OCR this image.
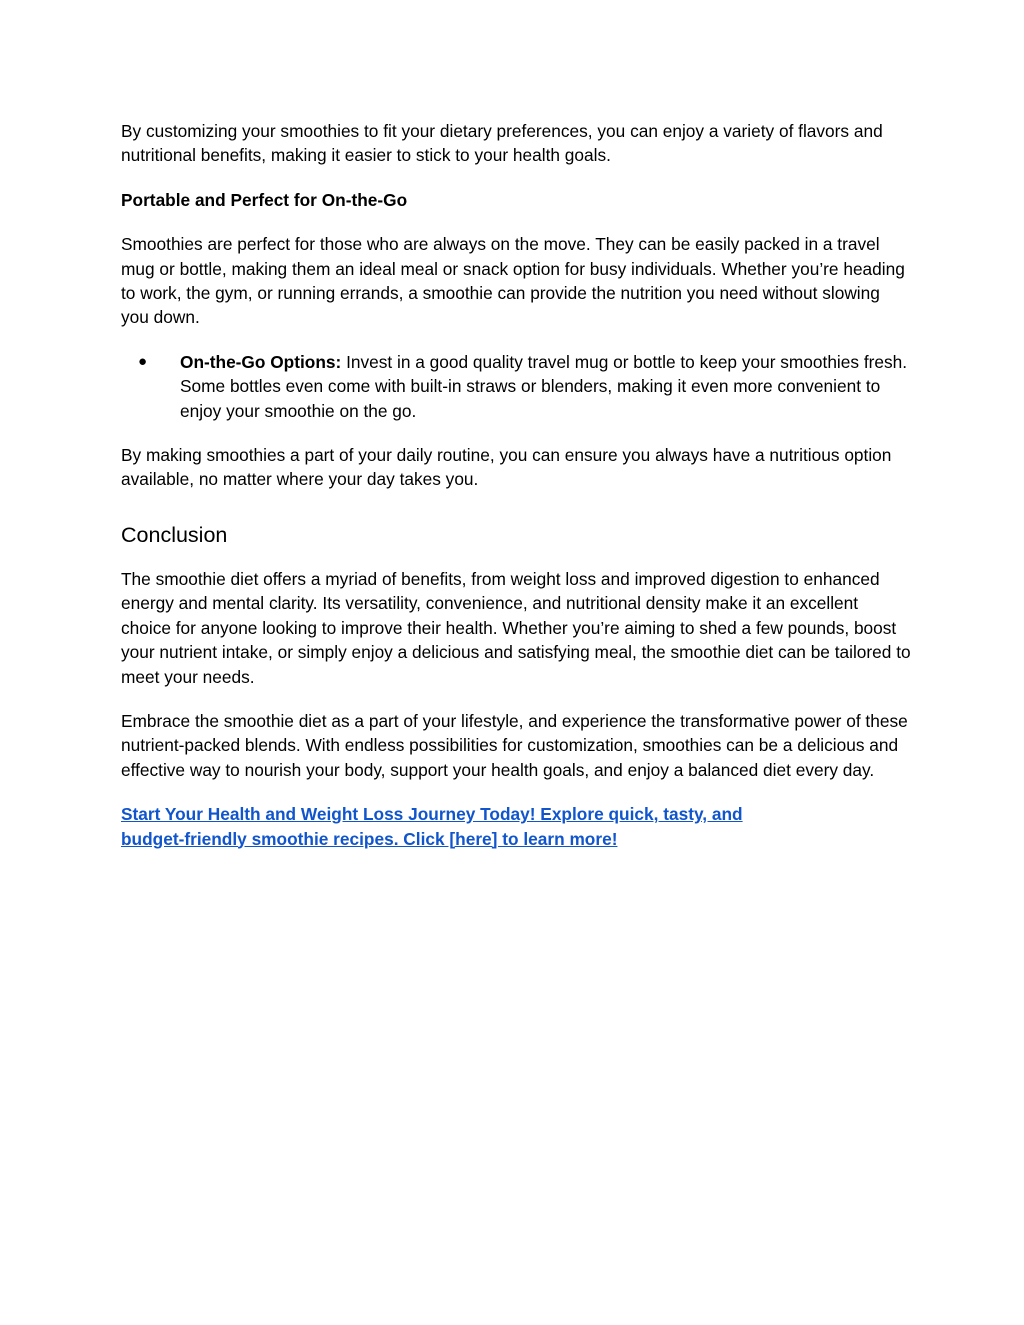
By customizing your smoothies to fit your dietary preferences, you can enjoy a variety of flavors and nutritional benefits, making it easier to stick to your health goals.

Portable and Perfect for On-the-Go

Smoothies are perfect for those who are always on the move. They can be easily packed in a travel mug or bottle, making them an ideal meal or snack option for busy individuals. Whether you’re heading to work, the gym, or running errands, a smoothie can provide the nutrition you need without slowing you down.

● On-the-Go Options: Invest in a good quality travel mug or bottle to keep your smoothies fresh. Some bottles even come with built-in straws or blenders, making it even more convenient to enjoy your smoothie on the go.

By making smoothies a part of your daily routine, you can ensure you always have a nutritious option available, no matter where your day takes you.

Conclusion

The smoothie diet offers a myriad of benefits, from weight loss and improved digestion to enhanced energy and mental clarity. Its versatility, convenience, and nutritional density make it an excellent choice for anyone looking to improve their health. Whether you’re aiming to shed a few pounds, boost your nutrient intake, or simply enjoy a delicious and satisfying meal, the smoothie diet can be tailored to meet your needs.

Embrace the smoothie diet as a part of your lifestyle, and experience the transformative power of these nutrient-packed blends. With endless possibilities for customization, smoothies can be a delicious and effective way to nourish your body, support your health goals, and enjoy a balanced diet every day.

Start Your Health and Weight Loss Journey Today! Explore quick, tasty, and budget-friendly smoothie recipes. Click [here] to learn more!
